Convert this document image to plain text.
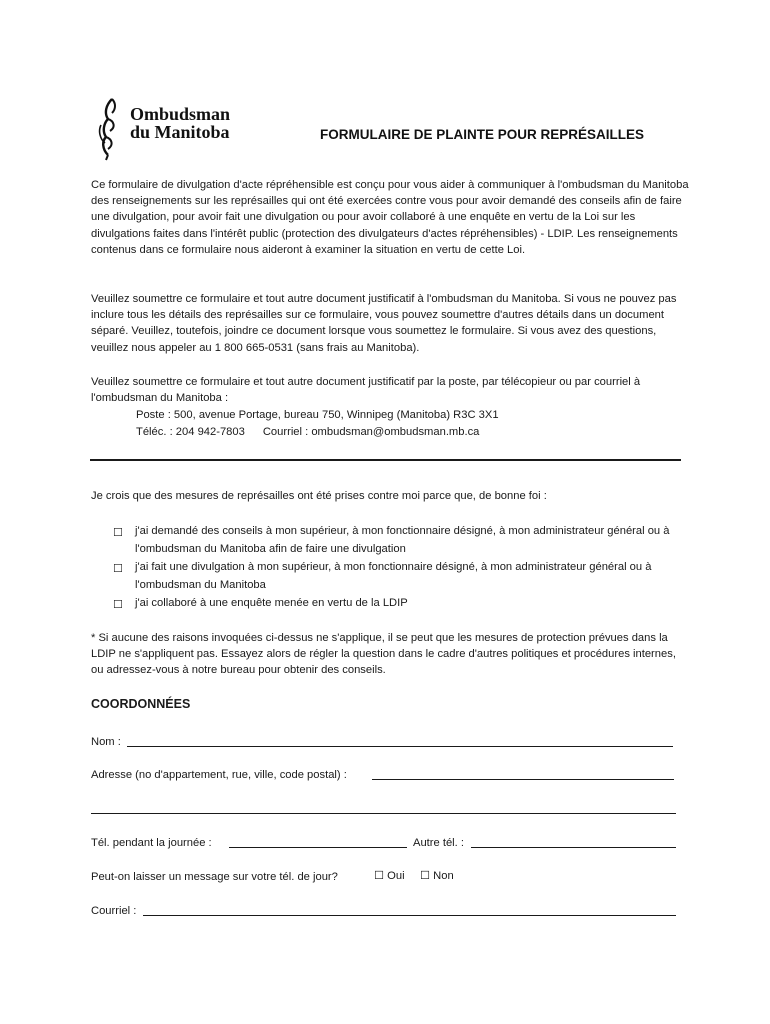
Ombudsman
du Manitoba	FORMULAIRE DE PLAINTE POUR REPRÉSAILLES

Ce formulaire de divulgation d'acte répréhensible est conçu pour vous aider à communiquer à l'ombudsman du Manitoba des renseignements sur les représailles qui ont été exercées contre vous pour avoir demandé des conseils afin de faire une divulgation, pour avoir fait une divulgation ou pour avoir collaboré à une enquête en vertu de la Loi sur les divulgations faites dans l'intérêt public (protection des divulgateurs d'actes répréhensibles) - LDIP. Les renseignements contenus dans ce formulaire nous aideront à examiner la situation en vertu de cette Loi.

Veuillez soumettre ce formulaire et tout autre document justificatif à l'ombudsman du Manitoba. Si vous ne pouvez pas inclure tous les détails des représailles sur ce formulaire, vous pouvez soumettre d'autres détails dans un document séparé. Veuillez, toutefois, joindre ce document lorsque vous soumettez le formulaire. Si vous avez des questions, veuillez nous appeler au 1 800 665-0531 (sans frais au Manitoba).

Veuillez soumettre ce formulaire et tout autre document justificatif par la poste, par télécopieur ou par courriel à l'ombudsman du Manitoba :

Poste : 500, avenue Portage, bureau 750, Winnipeg (Manitoba) R3C 3X1
Téléc. : 204 942-7803 Courriel : ombudsman@ombudsman.mb.ca

Je crois que des mesures de représailles ont été prises contre moi parce que, de bonne foi :

☐ j'ai demandé des conseils à mon supérieur, à mon fonctionnaire désigné, à mon administrateur général ou à l'ombudsman du Manitoba afin de faire une divulgation
☐ j'ai fait une divulgation à mon supérieur, à mon fonctionnaire désigné, à mon administrateur général ou à l'ombudsman du Manitoba
☐ j'ai collaboré à une enquête menée en vertu de la LDIP

* Si aucune des raisons invoquées ci-dessus ne s'applique, il se peut que les mesures de protection prévues dans la LDIP ne s'appliquent pas. Essayez alors de régler la question dans le cadre d'autres politiques et procédures internes, ou adressez-vous à notre bureau pour obtenir des conseils.

COORDONNÉES
Nom :
Adresse (no d'appartement, rue, ville, code postal) :
Tél. pendant la journée :	Autre tél. :
Peut-on laisser un message sur votre tél. de jour?	☐ Oui ☐ Non
Courriel :
